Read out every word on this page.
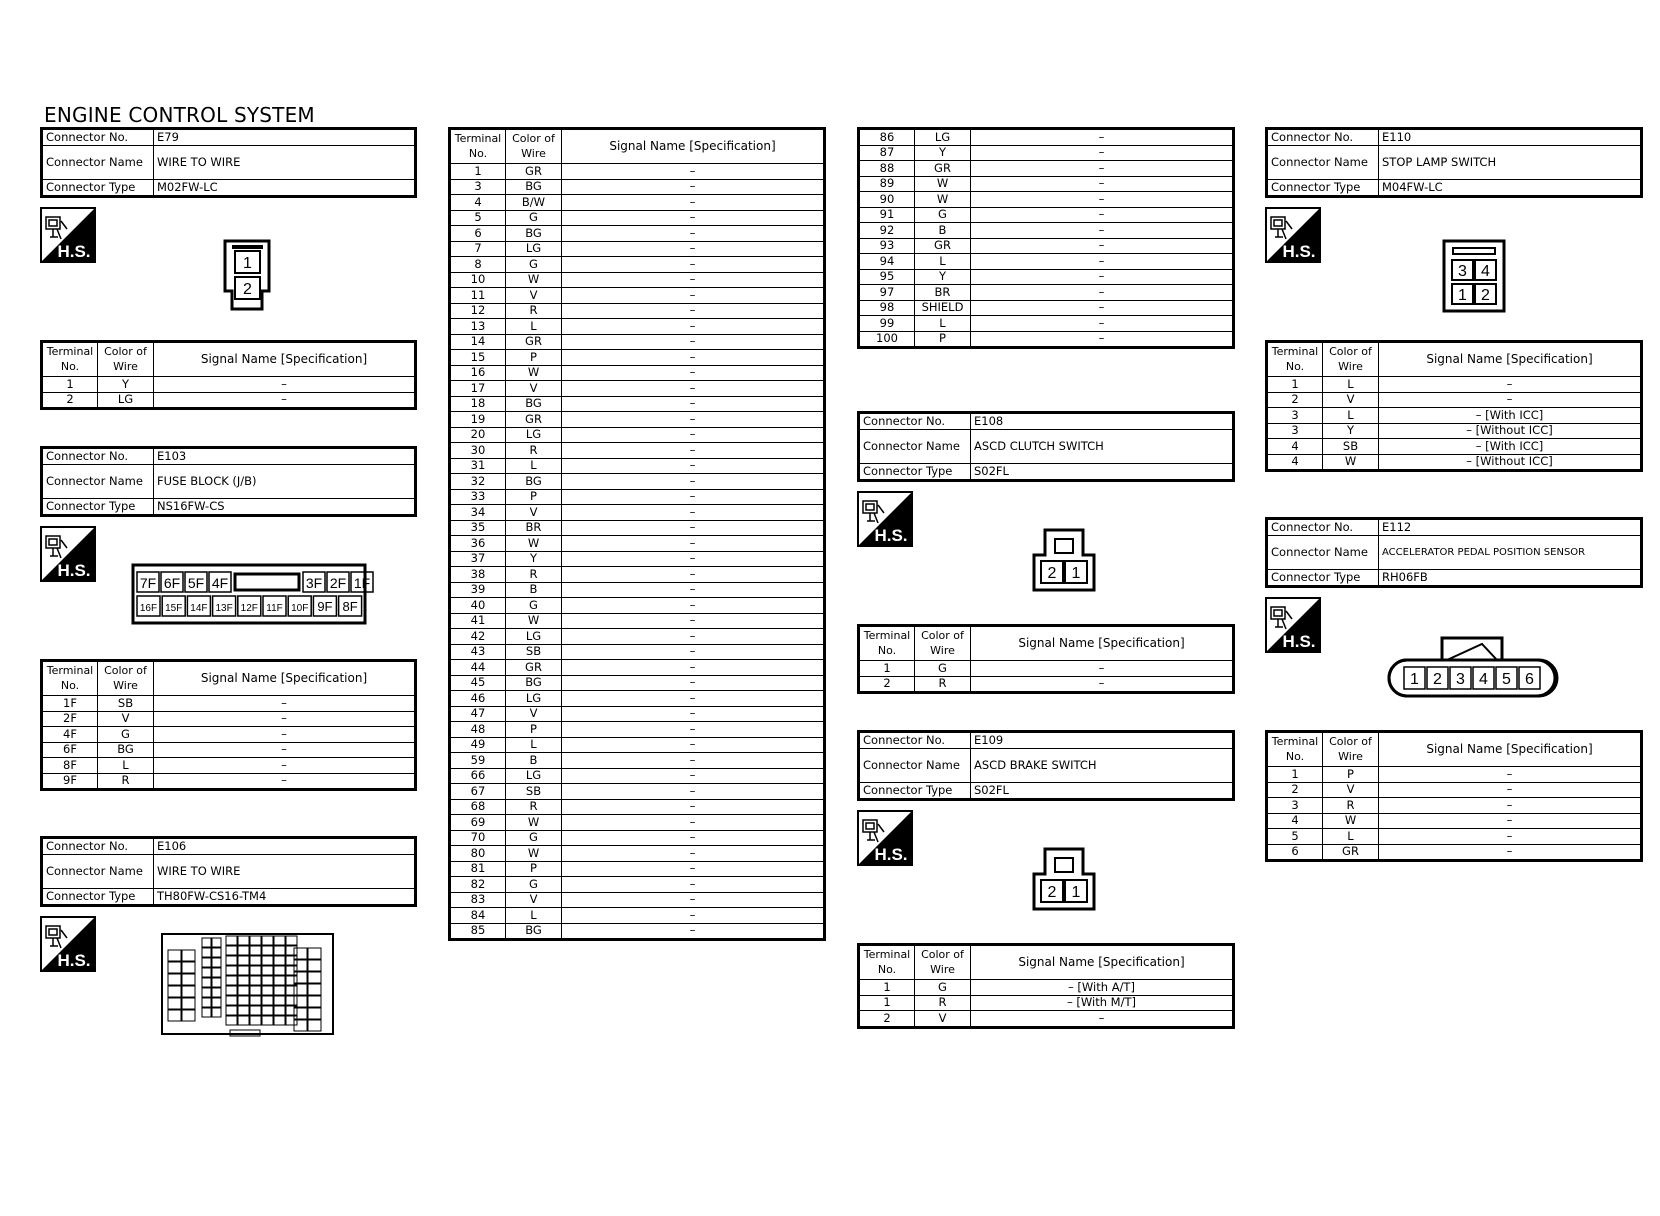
ENGINE CONTROL SYSTEM
Connector No.	E79
Connector Name	WIRE TO WIRE
Connector Type	M02FW-LC
H.S.
1
2
Terminal No.	Color of Wire	Signal Name [Specification]
1	Y	–
2	LG	–
Connector No.	E103
Connector Name	FUSE BLOCK (J/B)
Connector Type	NS16FW-CS
H.S.
7F 6F 5F 4F	3F 2F 1F
16F 15F 14F 13F 12F 11F 10F 9F 8F
Terminal No.	Color of Wire	Signal Name [Specification]
1F	SB	–
2F	V	–
4F	G	–
6F	BG	–
8F	L	–
9F	R	–
Connector No.	E106
Connector Name	WIRE TO WIRE
Connector Type	TH80FW-CS16-TM4
H.S.
Terminal No.	Color of Wire	Signal Name [Specification]
1	GR	–
3	BG	–
4	B/W	–
5	G	–
6	BG	–
7	LG	–
8	G	–
10	W	–
11	V	–
12	R	–
13	L	–
14	GR	–
15	P	–
16	W	–
17	V	–
18	BG	–
19	GR	–
20	LG	–
30	R	–
31	L	–
32	BG	–
33	P	–
34	V	–
35	BR	–
36	W	–
37	Y	–
38	R	–
39	B	–
40	G	–
41	W	–
42	LG	–
43	SB	–
44	GR	–
45	BG	–
46	LG	–
47	V	–
48	P	–
49	L	–
59	B	–
66	LG	–
67	SB	–
68	R	–
69	W	–
70	G	–
80	W	–
81	P	–
82	G	–
83	V	–
84	L	–
85	BG	–
86	LG	–
87	Y	–
88	GR	–
89	W	–
90	W	–
91	G	–
92	B	–
93	GR	–
94	L	–
95	Y	–
97	BR	–
98	SHIELD	–
99	L	–
100	P	–
Connector No.	E108
Connector Name	ASCD CLUTCH SWITCH
Connector Type	S02FL
H.S.
2 1
Terminal No.	Color of Wire	Signal Name [Specification]
1	G	–
2	R	–
Connector No.	E109
Connector Name	ASCD BRAKE SWITCH
Connector Type	S02FL
H.S.
2 1
Terminal No.	Color of Wire	Signal Name [Specification]
1	G	– [With A/T]
1	R	– [With M/T]
2	V	–
Connector No.	E110
Connector Name	STOP LAMP SWITCH
Connector Type	M04FW-LC
H.S.
3 4
1 2
Terminal No.	Color of Wire	Signal Name [Specification]
1	L	–
2	V	–
3	L	– [With ICC]
3	Y	– [Without ICC]
4	SB	– [With ICC]
4	W	– [Without ICC]
Connector No.	E112
Connector Name	ACCELERATOR PEDAL POSITION SENSOR
Connector Type	RH06FB
H.S.
1 2 3 4 5 6
Terminal No.	Color of Wire	Signal Name [Specification]
1	P	–
2	V	–
3	R	–
4	W	–
5	L	–
6	GR	–
